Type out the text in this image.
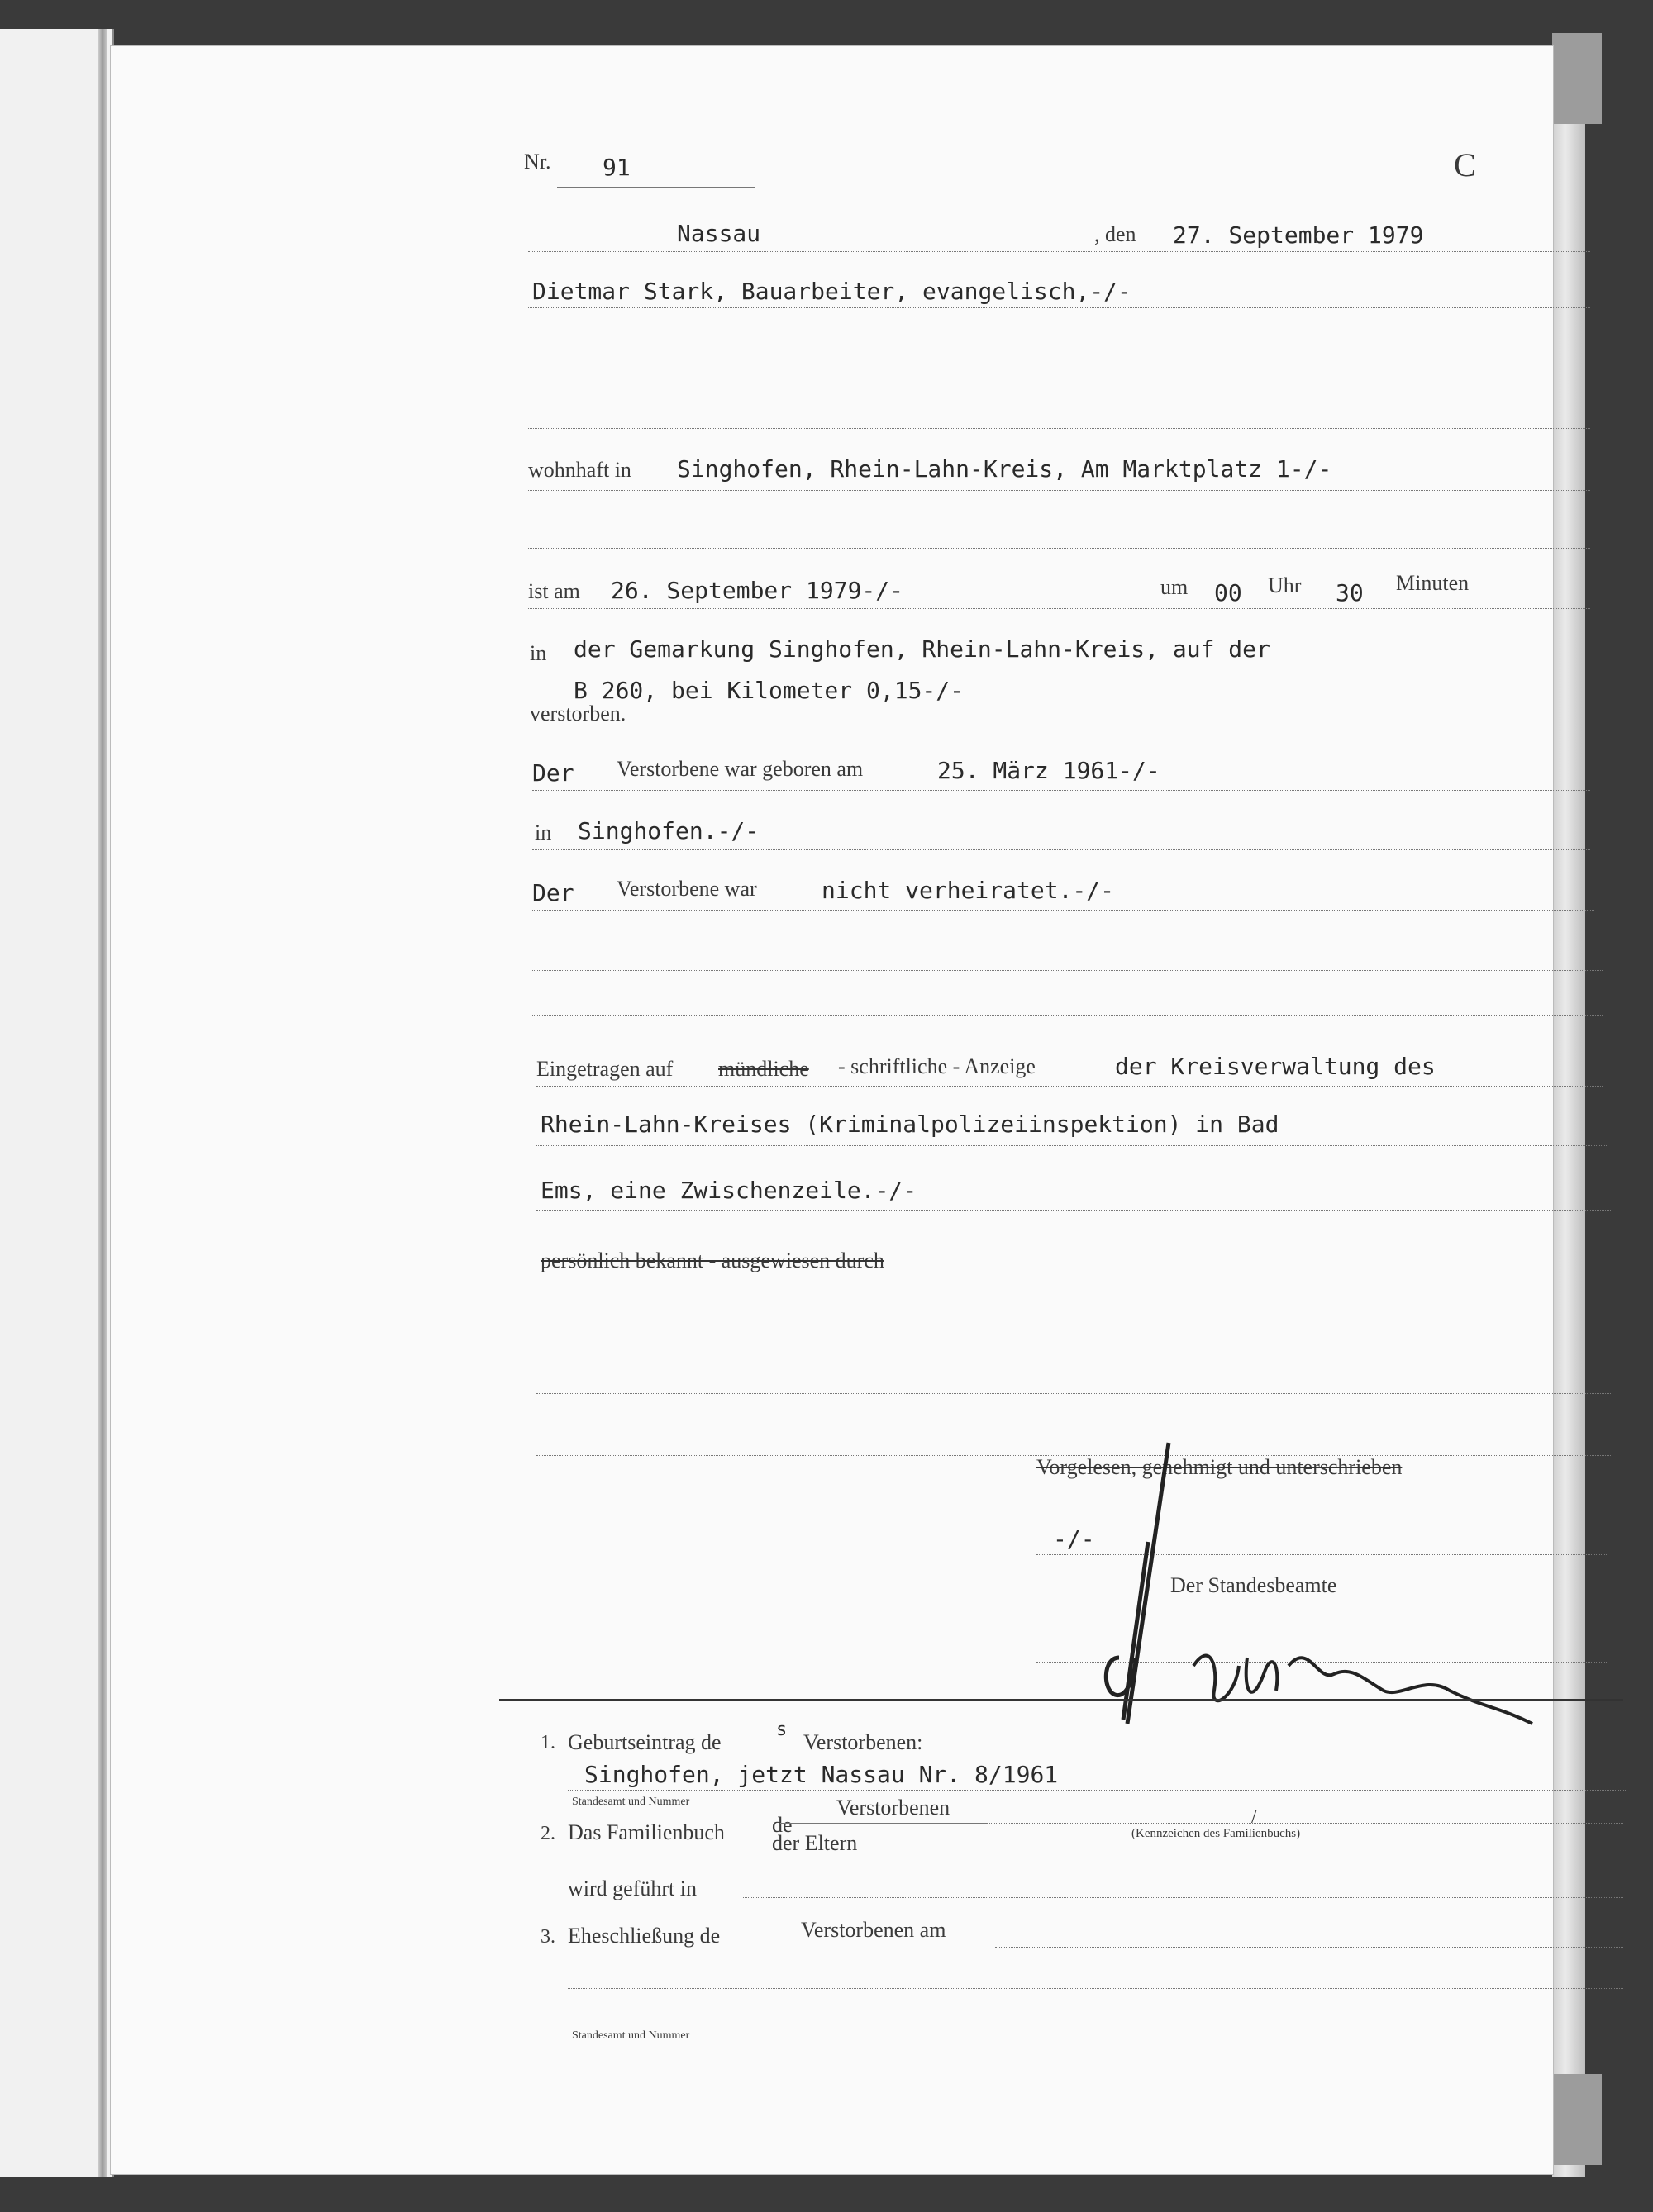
Nr. 91	C
Nassau	, den 27. September 1979
Dietmar Stark, Bauarbeiter, evangelisch,-/-
wohnhaft in Singhofen, Rhein-Lahn-Kreis, Am Marktplatz 1-/-
ist am 26. September 1979-/-	um 00 Uhr 30 Minuten
in der Gemarkung Singhofen, Rhein-Lahn-Kreis, auf der
B 260, bei Kilometer 0,15-/-
verstorben.
Der Verstorbene war geboren am	25. März 1961-/-
in Singhofen.-/-
Der Verstorbene war	nicht verheiratet.-/-
Eingetragen auf mündliche - schriftliche - Anzeige	der Kreisverwaltung des
Rhein-Lahn-Kreises (Kriminalpolizeiinspektion) in Bad
Ems, eine Zwischenzeile.-/-
persönlich bekannt - ausgewiesen durch
Vorgelesen, genehmigt und unterschrieben
-/-
Der Standesbeamte
1. Geburtseintrag de
s
Verstorbenen:
Singhofen, jetzt Nassau Nr. 8/1961
Standesamt und Nummer
2. Das Familienbuch de
Verstorbenen
der Eltern
/
(Kennzeichen des Familienbuchs)
wird geführt in
3. Eheschließung de	Verstorbenen am
Standesamt und Nummer
